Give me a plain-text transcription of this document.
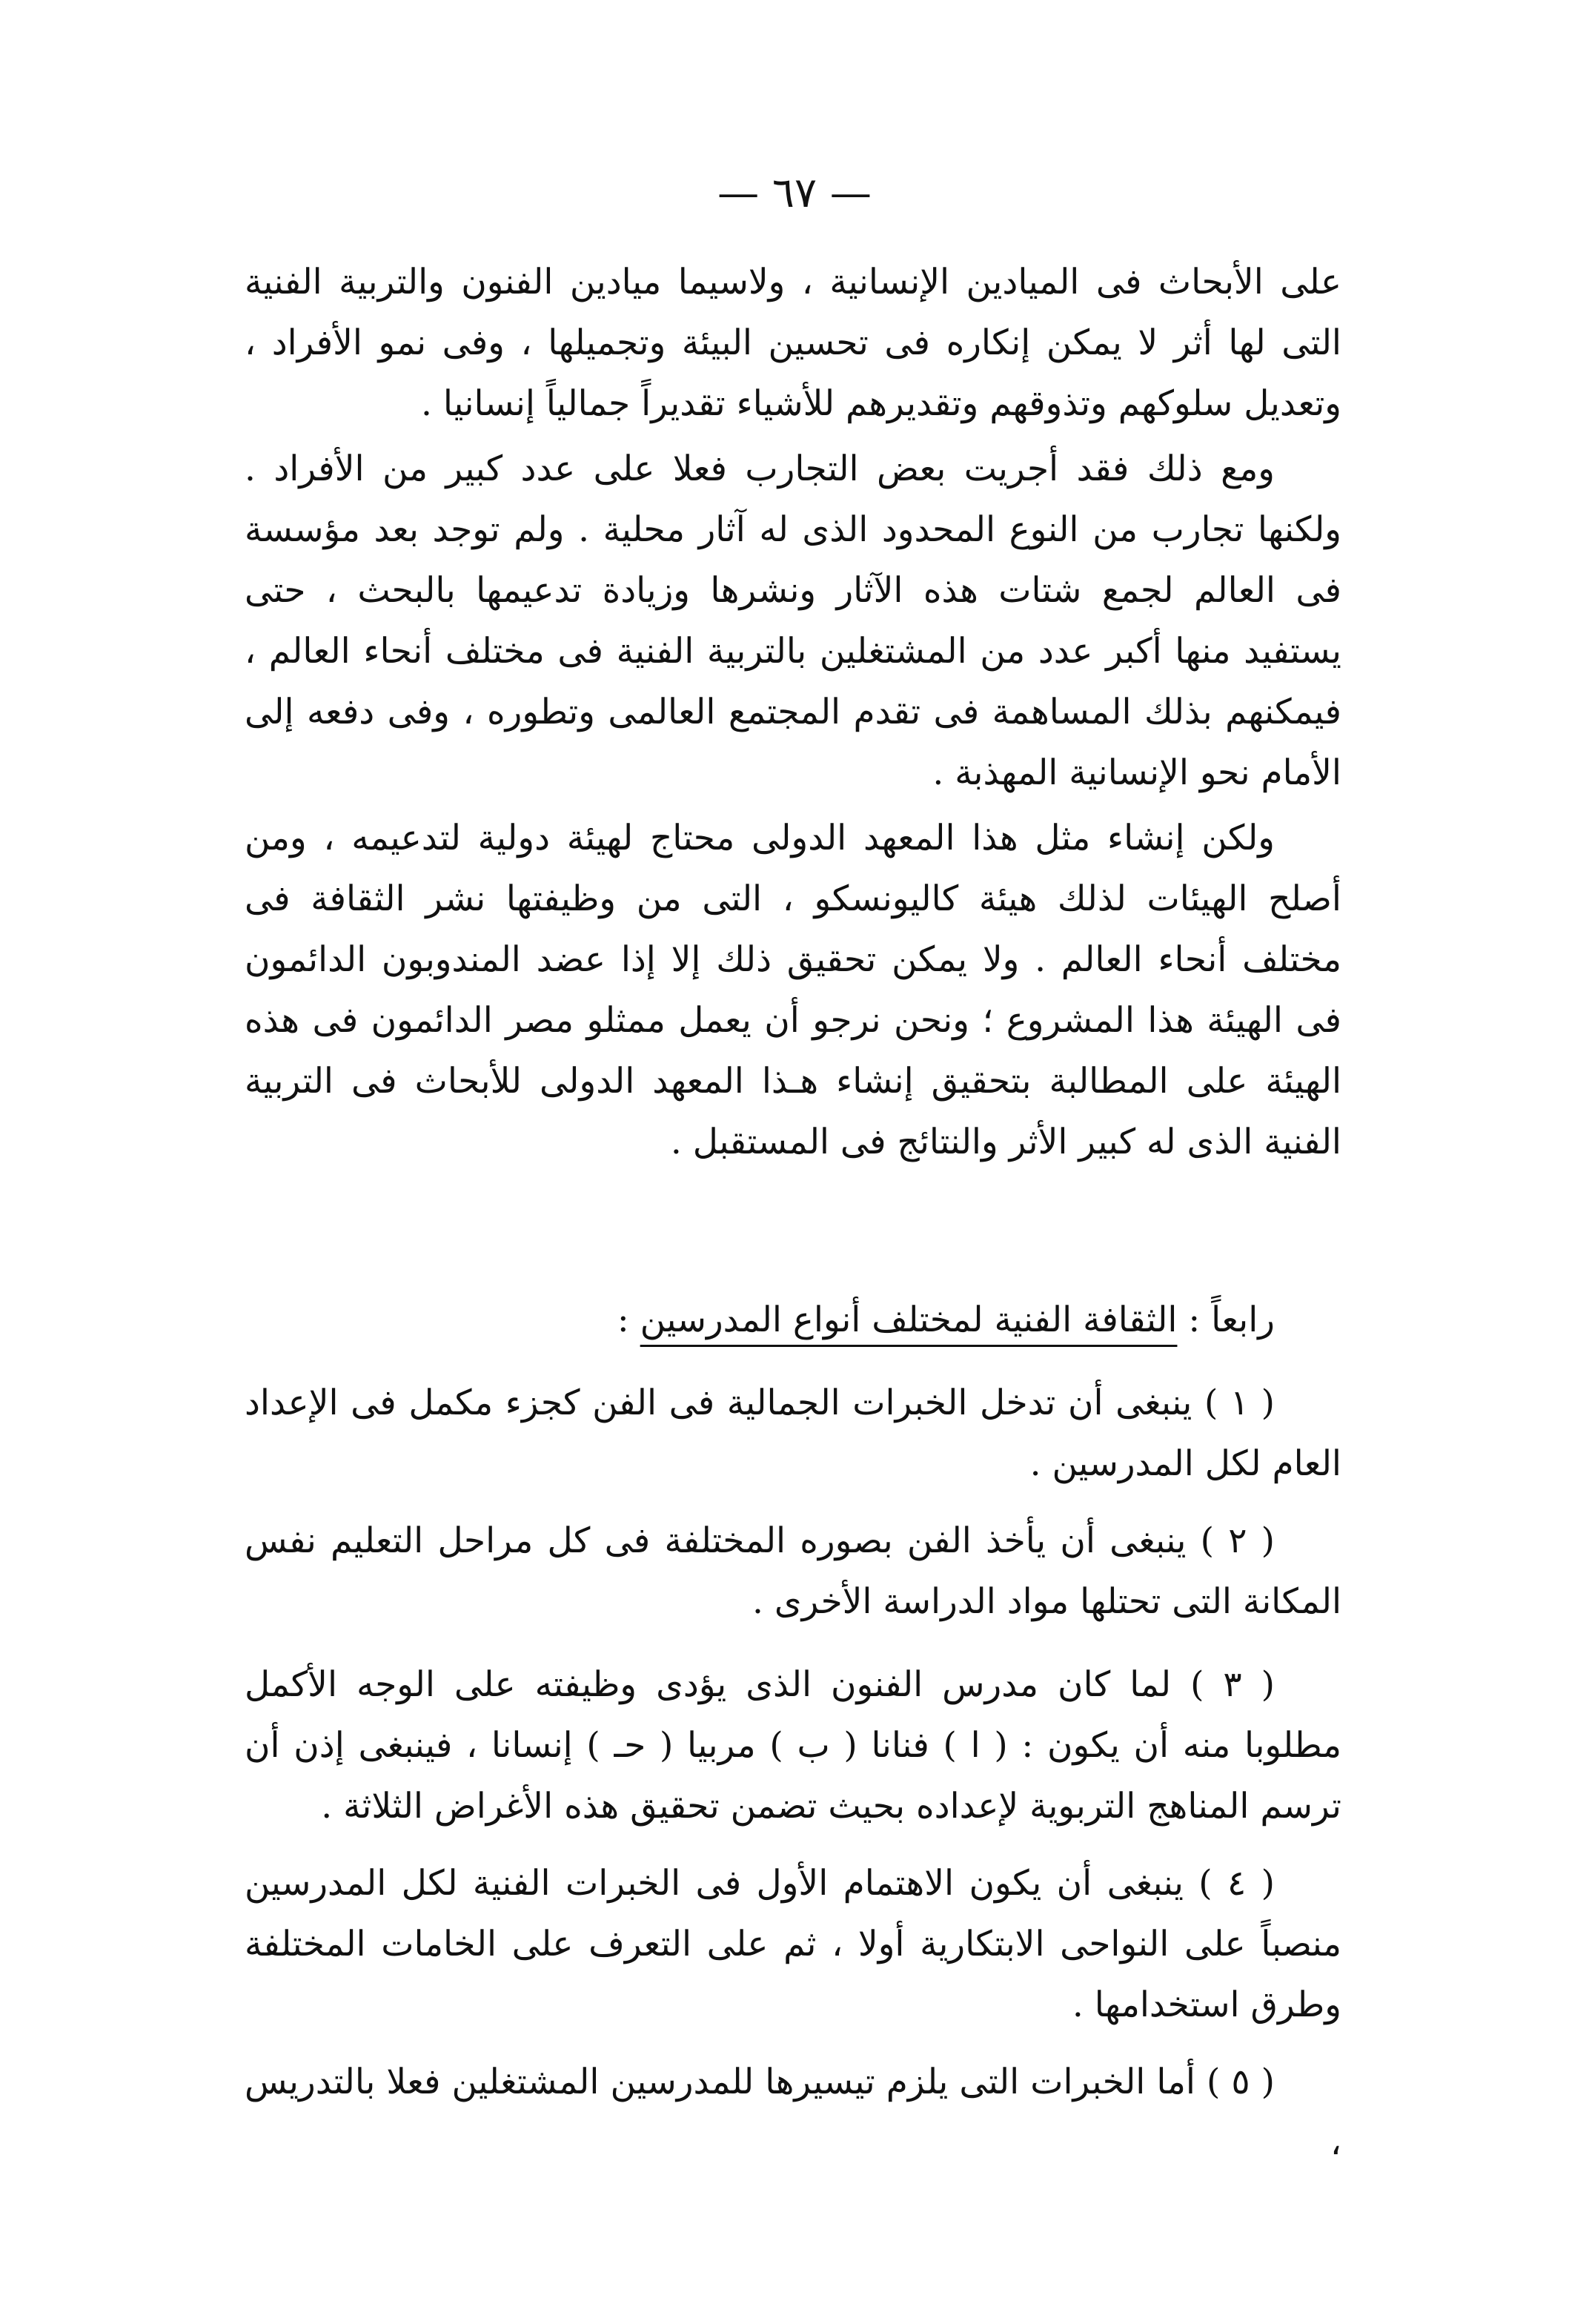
— ٦٧ —

على الأبحاث فى الميادين الإنسانية ، ولاسيما ميادين الفنون والتربية الفنية التى لها أثر لا يمكن إنكاره فى تحسين البيئة وتجميلها ، وفى نمو الأفراد ، وتعديل سلوكهم وتذوقهم وتقديرهم للأشياء تقديراً جمالياً إنسانيا .

ومع ذلك فقد أجريت بعض التجارب فعلا على عدد كبير من الأفراد . ولكنها تجارب من النوع المحدود الذى له آثار محلية . ولم توجد بعد مؤسسة فى العالم لجمع شتات هذه الآثار ونشرها وزيادة تدعيمها بالبحث ، حتى يستفيد منها أكبر عدد من المشتغلين بالتربية الفنية فى مختلف أنحاء العالم ، فيمكنهم بذلك المساهمة فى تقدم المجتمع العالمى وتطوره ، وفى دفعه إلى الأمام نحو الإنسانية المهذبة .

ولكن إنشاء مثل هذا المعهد الدولى محتاج لهيئة دولية لتدعيمه ، ومن أصلح الهيئات لذلك هيئة كاليونسكو ، التى من وظيفتها نشر الثقافة فى مختلف أنحاء العالم . ولا يمكن تحقيق ذلك إلا إذا عضد المندوبون الدائمون فى الهيئة هذا المشروع ؛ ونحن نرجو أن يعمل ممثلو مصر الدائمون فى هذه الهيئة على المطالبة بتحقيق إنشاء هـذا المعهد الدولى للأبحاث فى التربية الفنية الذى له كبير الأثر والنتائج فى المستقبل .

رابعاً : الثقافة الفنية لمختلف أنواع المدرسين :

( ١ ) ينبغى أن تدخل الخبرات الجمالية فى الفن كجزء مكمل فى الإعداد العام لكل المدرسين .

( ٢ ) ينبغى أن يأخذ الفن بصوره المختلفة فى كل مراحل التعليم نفس المكانة التى تحتلها مواد الدراسة الأخرى .

( ٣ ) لما كان مدرس الفنون الذى يؤدى وظيفته على الوجه الأكمل مطلوبا منه أن يكون : ( ا ) فنانا ( ب ) مربيا ( حـ ) إنسانا ، فينبغى إذن أن ترسم المناهج التربوية لإعداده بحيث تضمن تحقيق هذه الأغراض الثلاثة .

( ٤ ) ينبغى أن يكون الاهتمام الأول فى الخبرات الفنية لكل المدرسين منصباً على النواحى الابتكارية أولا ، ثم على التعرف على الخامات المختلفة وطرق استخدامها .

( ٥ ) أما الخبرات التى يلزم تيسيرها للمدرسين المشتغلين فعلا بالتدريس ،
